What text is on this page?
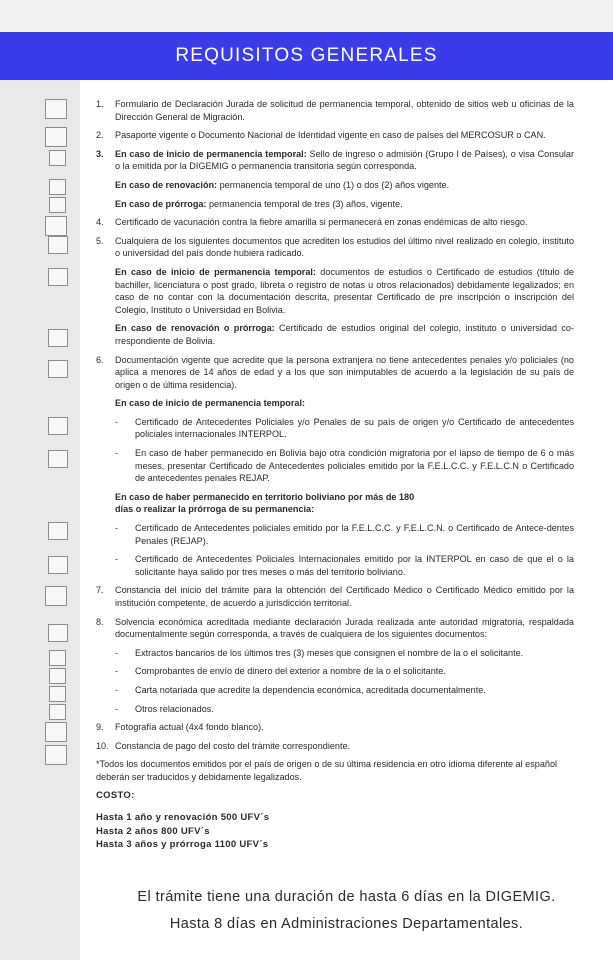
REQUISITOS GENERALES
1.	Formulario de Declaración Jurada de solicitud de permanencia temporal, obtenido de sitios web u oficinas de la Dirección General de Migración.
2.	Pasaporte vigente o Documento Nacional de Identidad vigente en caso de países del MERCOSUR o CAN.
3.	En caso de inicio de permanencia temporal: Sello de ingreso o admisión (Grupo I de Países), o visa Consular o la emitida por la DIGEMIG o permanencia transitoria según corresponda.
En caso de renovación: permanencia temporal de uno (1) o dos (2) años vigente.
En caso de prórroga: permanencia temporal de tres (3) años, vigente.
4.	Certificado de vacunación contra la fiebre amarilla si permanecerá en zonas endémicas de alto riesgo.
5.	Cualquiera de los siguientes documentos que acrediten los estudios del último nivel realizado en colegio, instituto o universidad del país donde hubiera radicado.
En caso de inicio de permanencia temporal: documentos de estudios o Certificado de estudios (título de bachiller, licenciatura o post grado, libreta o registro de notas u otros relacionados) debidamente legalizados; en caso de no contar con la documentación descrita, presentar Certificado de pre inscripción o inscripción del Colegio, Instituto o Universidad en Bolivia.
En caso de renovación o prórroga: Certificado de estudios original del colegio, instituto o universidad co-rrespondiente de Bolivia.
6.	Documentación vigente que acredite que la persona extranjera no tiene antecedentes penales y/o policiales (no aplica a menores de 14 años de edad y a los que son inimputables de acuerdo a la legislación de su país de origen o de última residencia).
En caso de inicio de permanencia temporal:
-	Certificado de Antecedentes Policiales y/o Penales de su país de origen y/o Certificado de antecedentes policiales internacionales INTERPOL.
-	En caso de haber permanecido en Bolivia bajo otra condición migratoria por el lapso de tiempo de 6 o más meses, presentar Certificado de Antecedentes policiales emitido por la F.E.L.C.C. y F.E.L.C.N o Certificado de antecedentes penales REJAP.
En caso de haber permanecido en territorio boliviano por más de 180 días o realizar la prórroga de su permanencia:
-	Certificado de Antecedentes policiales emitido por la F.E.L.C.C. y F.E.L.C.N. o Certificado de Antece-dentes Penales (REJAP).
-	Certificado de Antecedentes Policiales Internacionales emitido por la INTERPOL en caso de que el o la solicitante haya salido por tres meses o más del territorio boliviano.
7.	Constancia del inicio del trámite para la obtención del Certificado Médico o Certificado Médico emitido por la institución competente, de acuerdo a jurisdicción territorial.
8.	Solvencia económica acreditada mediante declaración Jurada realizada ante autoridad migratoria, respaldada documentalmente según corresponda, a través de cualquiera de los siguientes documentos:
-	Extractos bancarios de los últimos tres (3) meses que consignen el nombre de la o el solicitante.
-	Comprobantes de envío de dinero del exterior a nombre de la o el solicitante.
-	Carta notariada que acredite la dependencia económica, acreditada documentalmente.
-	Otros relacionados.
9.	Fotografía actual (4x4 fondo blanco).
10. Constancia de pago del costo del trámite correspondiente.
*Todos los documentos emitidos por el país de origen o de su última residencia en otro idioma diferente al español deberán ser traducidos y debidamente legalizados.
COSTO:
Hasta 1 año y renovación 500 UFV´s
Hasta 2 años 800 UFV´s
Hasta 3 años y prórroga 1100 UFV´s
El trámite tiene una duración de hasta 6 días en la DIGEMIG.
Hasta 8 días en Administraciones Departamentales.
